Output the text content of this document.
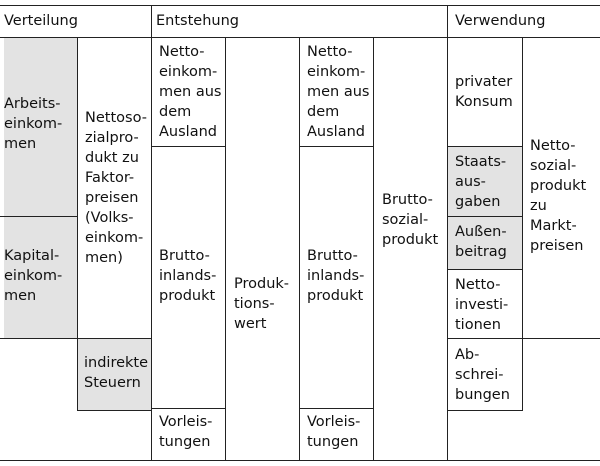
Verteilung	Entstehung	Verwendung
Arbeits-
einkom-
men
Kapital-
einkom-
men
Nettoso-
zialpro-
dukt zu
Faktor-
preisen
(Volks-
einkom-
men)
indirekte
Steuern
Netto-
einkom-
men aus
dem
Ausland
Brutto-
inlands-
produkt
Vorleis-
tungen
Produk-
tions-
wert
Netto-
einkom-
men aus
dem
Ausland
Brutto-
inlands-
produkt
Vorleis-
tungen
Brutto-
sozial-
produkt
privater
Konsum
Staats-
aus-
gaben
Außen-
beitrag
Netto-
investi-
tionen
Ab-
schrei-
bungen
Netto-
sozial-
produkt
zu Markt-
preisen
